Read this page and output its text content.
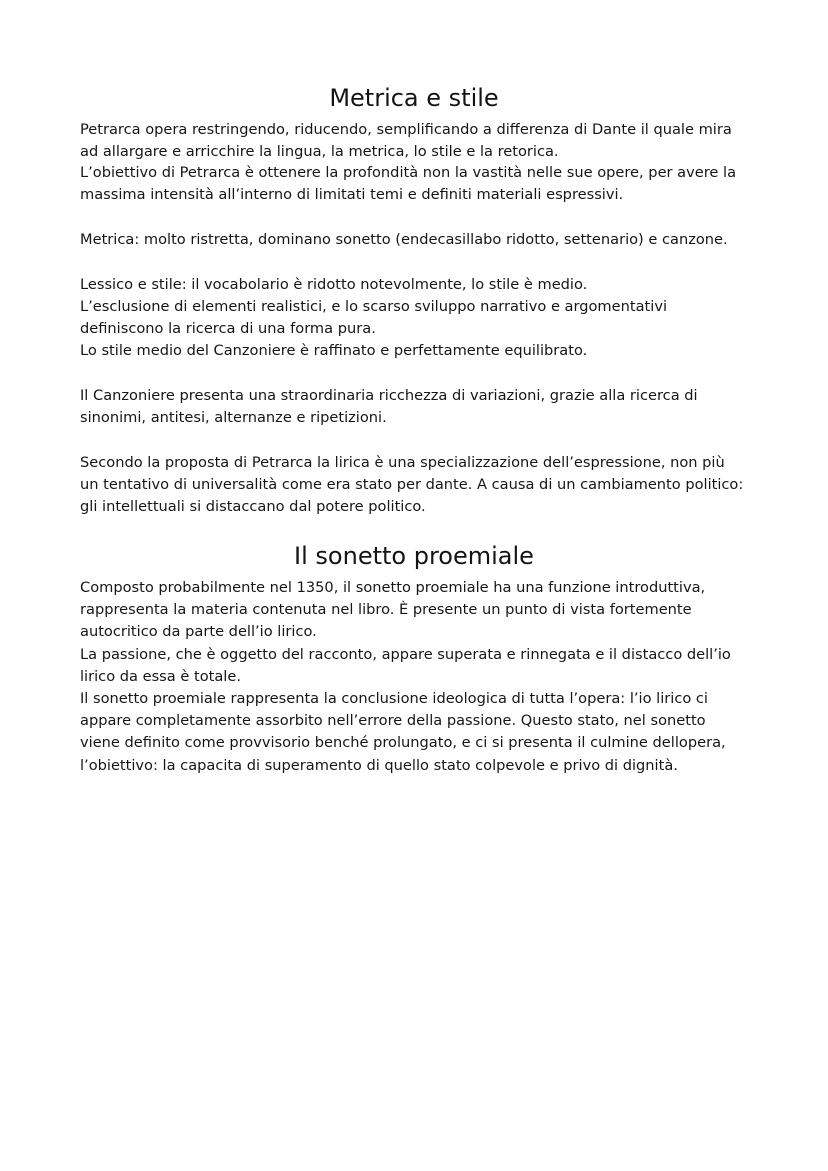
Metrica e stile

Petrarca opera restringendo, riducendo, semplificando a differenza di Dante il quale mira

ad allargare e arricchire la lingua, la metrica, lo stile e la retorica.

L’obiettivo di Petrarca è ottenere la profondità non la vastità nelle sue opere, per avere la

massima intensità all’interno di limitati temi e definiti materiali espressivi.

Metrica: molto ristretta, dominano sonetto (endecasillabo ridotto, settenario) e canzone.

Lessico e stile: il vocabolario è ridotto notevolmente, lo stile è medio.

L’esclusione di elementi realistici, e lo scarso sviluppo narrativo e argomentativi

definiscono la ricerca di una forma pura.

Lo stile medio del Canzoniere è raffinato e perfettamente equilibrato.

Il Canzoniere presenta una straordinaria ricchezza di variazioni, grazie alla ricerca di

sinonimi, antitesi, alternanze e ripetizioni.

Secondo la proposta di Petrarca la lirica è una specializzazione dell’espressione, non più

un tentativo di universalità come era stato per dante. A causa di un cambiamento politico:

gli intellettuali si distaccano dal potere politico.

Il sonetto proemiale

Composto probabilmente nel 1350, il sonetto proemiale ha una funzione introduttiva,

rappresenta la materia contenuta nel libro. È presente un punto di vista fortemente

autocritico da parte dell’io lirico.

La passione, che è oggetto del racconto, appare superata e rinnegata e il distacco dell’io

lirico da essa è totale.

Il sonetto proemiale rappresenta la conclusione ideologica di tutta l’opera: l’io lirico ci

appare completamente assorbito nell’errore della passione. Questo stato, nel sonetto

viene definito come provvisorio benché prolungato, e ci si presenta il culmine dellopera,

l’obiettivo: la capacita di superamento di quello stato colpevole e privo di dignità.
